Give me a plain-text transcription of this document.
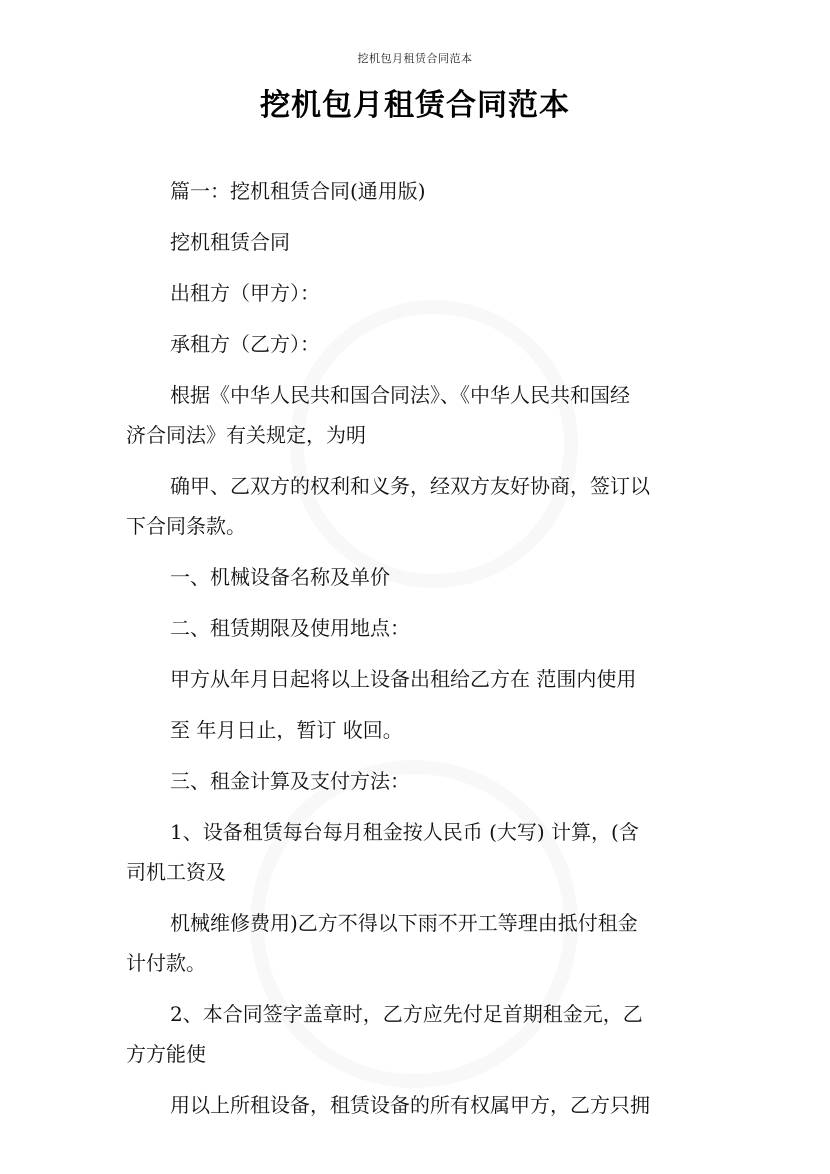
挖机包月租赁合同范本
挖机包月租赁合同范本

篇一：挖机租赁合同(通用版)

挖机租赁合同

出租方（甲方）：

承租方（乙方）：

根据《中华人民共和国合同法》、《中华人民共和国经

济合同法》有关规定，为明

确甲、乙双方的权利和义务，经双方友好协商，签订以

下合同条款。

一、机械设备名称及单价

二、租赁期限及使用地点：

甲方从年月日起将以上设备出租给乙方在 范围内使用

至 年月日止，暂订 收回。

三、租金计算及支付方法：

1、设备租赁每台每月租金按人民币 (大写) 计算，(含

司机工资及

机械维修费用)乙方不得以下雨不开工等理由抵付租金

计付款。

2、本合同签字盖章时，乙方应先付足首期租金元，乙

方方能使

用以上所租设备，租赁设备的所有权属甲方，乙方只拥
